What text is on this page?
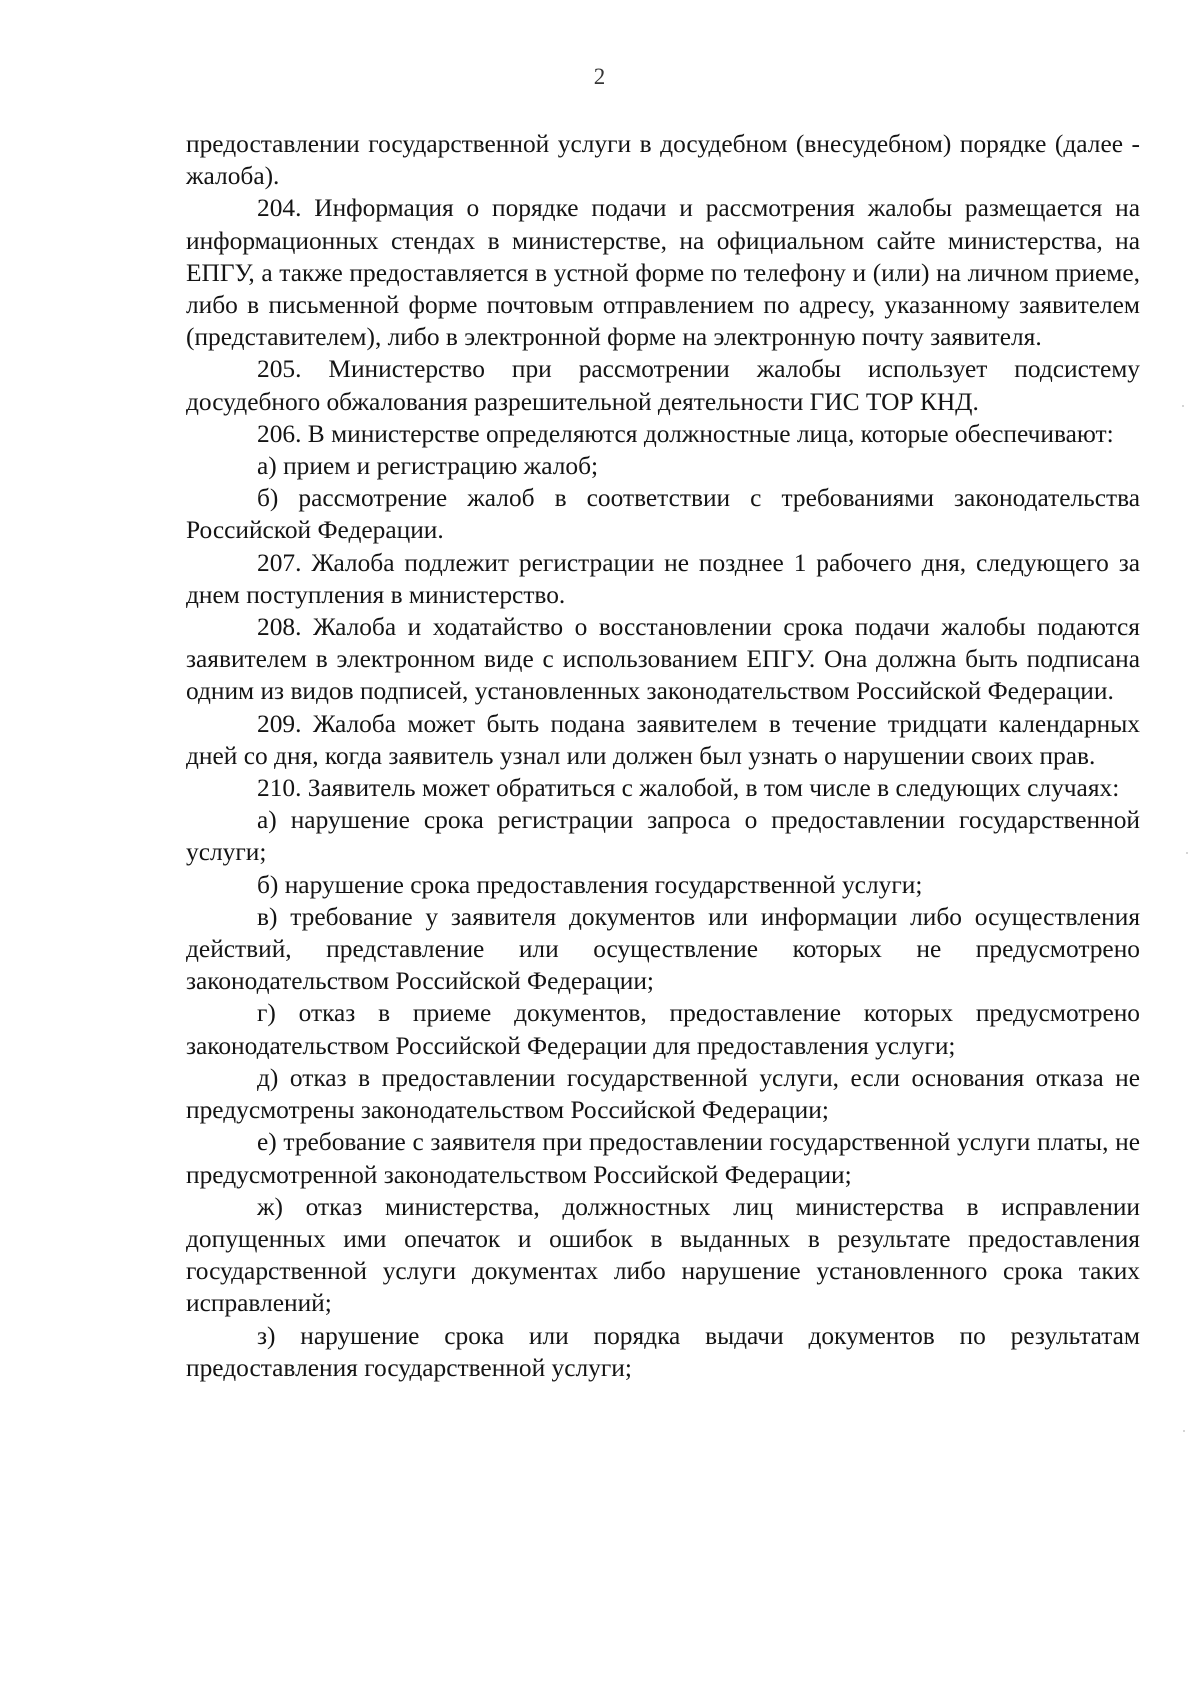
2

предоставлении государственной услуги в досудебном (внесудебном) порядке (далее - жалоба).

204. Информация о порядке подачи и рассмотрения жалобы размещается на информационных стендах в министерстве, на официальном сайте министерства, на ЕПГУ, а также предоставляется в устной форме по телефону и (или) на личном приеме, либо в письменной форме почтовым отправлением по адресу, указанному заявителем (представителем), либо в электронной форме на электронную почту заявителя.

205. Министерство при рассмотрении жалобы использует подсистему досудебного обжалования разрешительной деятельности ГИС ТОР КНД.

206. В министерстве определяются должностные лица, которые обеспечивают:

а) прием и регистрацию жалоб;

б) рассмотрение жалоб в соответствии с требованиями законодательства Российской Федерации.

207. Жалоба подлежит регистрации не позднее 1 рабочего дня, следующего за днем поступления в министерство.

208. Жалоба и ходатайство о восстановлении срока подачи жалобы подаются заявителем в электронном виде с использованием ЕПГУ. Она должна быть подписана одним из видов подписей, установленных законодательством Российской Федерации.

209. Жалоба может быть подана заявителем в течение тридцати календарных дней со дня, когда заявитель узнал или должен был узнать о нарушении своих прав.

210. Заявитель может обратиться с жалобой, в том числе в следующих случаях:

а) нарушение срока регистрации запроса о предоставлении государственной услуги;

б) нарушение срока предоставления государственной услуги;

в) требование у заявителя документов или информации либо осуществления действий, представление или осуществление которых не предусмотрено законодательством Российской Федерации;

г) отказ в приеме документов, предоставление которых предусмотрено законодательством Российской Федерации для предоставления услуги;

д) отказ в предоставлении государственной услуги, если основания отказа не предусмотрены законодательством Российской Федерации;

е) требование с заявителя при предоставлении государственной услуги платы, не предусмотренной законодательством Российской Федерации;

ж) отказ министерства, должностных лиц министерства в исправлении допущенных ими опечаток и ошибок в выданных в результате предоставления государственной услуги документах либо нарушение установленного срока таких исправлений;

з) нарушение срока или порядка выдачи документов по результатам предоставления государственной услуги;
